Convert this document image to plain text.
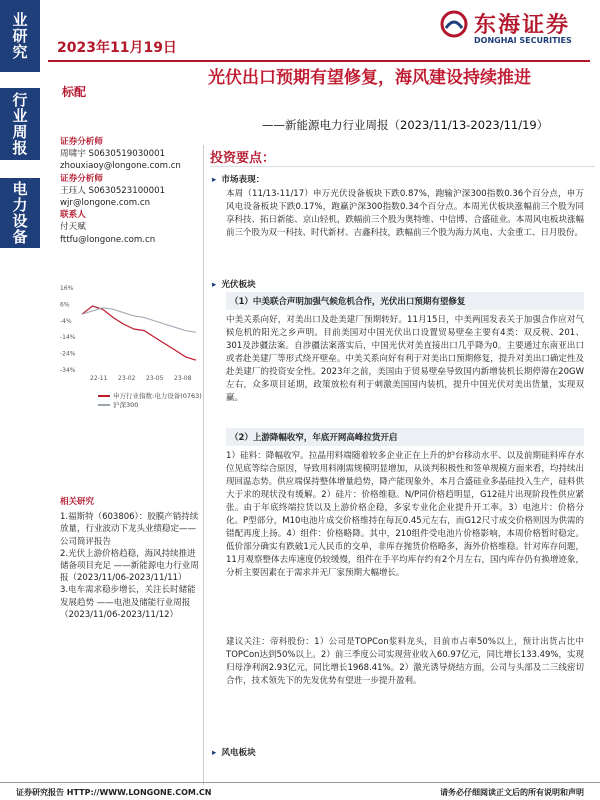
业研究
行业周报
电力设备
2023年11月19日
东海证券
DONGHAI SECURITIES
标配
光伏出口预期有望修复，海风建设持续推进
——新能源电力行业周报（2023/11/13-2023/11/19）
证券分析师
周啸宇 S0630519030001
zhouxiaoy@longone.com.cn
证券分析师
王珏人 S0630523100001
wjr@longone.com.cn
联系人
付天赋
fttfu@longone.com.cn
16%
6%
-4%
-14%
-24%
-34%
22-11 23-02 23-05 23-08
申万行业指数:电力设备(0763)
沪深300
相关研究
1.福斯特（603806）：胶膜产销持续放量，行业波动下龙头业绩稳定——公司简评报告
2.光伏上游价格趋稳，海风持续推进储备项目充足 ——新能源电力行业周报（2023/11/06-2023/11/11）
3.电车需求稳步增长，关注长时储能发展趋势 ——电池及储能行业周报（2023/11/06-2023/11/12）
投资要点：
▸ 市场表现：
本周（11/13-11/17）申万光伏设备板块下跌0.87%，跑输沪深300指数0.36个百分点，申万风电设备板块下跌0.17%，跑赢沪深300指数0.34个百分点。本周光伏板块涨幅前三个股为同享科技、拓日新能、京山轻机，跌幅前三个股为奥特维、中信博、合盛硅业。本周风电板块涨幅前三个股为双一科技、时代新材、吉鑫科技，跌幅前三个股为海力风电、大金重工、日月股份。
▸ 光伏板块
（1）中美联合声明加强气候危机合作，光伏出口预期有望修复
中美关系向好，对美出口及赴美建厂预期转好。11月15日，中美两国发表关于加强合作应对气候危机的阳光之乡声明。目前美国对中国光伏出口设置贸易壁垒主要有4类：双反税、201、301及涉疆法案。自涉疆法案落实后，中国光伏对美直接出口几乎降为0。主要通过东南亚出口或者赴美建厂等形式绕开壁垒。中美关系向好有利于对美出口预期修复，提升对美出口确定性及赴美建厂的投资安全性。2023年之前，美国由于贸易壁垒导致国内新增装机长期停滞在20GW左右，众多项目延期，政策放松有利于刺激美国国内装机，提升中国光伏对美出货量，实现双赢。
（2）上游降幅收窄，年底开网高峰拉货开启
1）硅料：降幅收窄。拉晶用料端随着较多企业正在上升的炉台移动水平、以及前期硅料库存水位见底等综合原因，导致用料刚需规模明显增加，从谈判积极性和签单规模方面来看，均持续出现回温态势。供应端保持整体增量趋势，降产能现象外，本月合盛硅业多晶硅投入生产，硅料供大于求的现状没有缓解。2）硅片：价格维稳。N/P同价格趋明显，G12硅片出现阶段性供应紧张。由于年底终端拉货以及上游价格企稳，多家专业化企业提升开工率。3）电池片：价格分化。P型部分，M10电池片成交价格维持在每瓦0.45元左右，而G12尺寸成交价格则因为供需的错配再度上扬。4）组件：价格略降。其中，210组件受电池片价格影响，本周价格暂时稳定。低价部分确实有跌破1元人民币的交单，非库存抛货价格略多，海外价格维稳。针对库存问题，11月观察整体去库速度仍较缓慢，组件在手平均库存约有2个月左右，国内库存仍有换增迹象，分析主要因素在于需求并无厂家预期大幅增长。
建议关注：帝科股份：1）公司是TOPCon浆料龙头，目前市占率50%以上，预计出货占比中TOPCon达到50%以上。2）前三季度公司实现营业收入60.97亿元，同比增长133.49%，实现归母净利润2.93亿元，同比增长1968.41%。2）激光诱导烧结方面，公司与头部及二三线密切合作，技术领先下的先发优势有望进一步提升盈利。
▸ 风电板块
证券研究报告 HTTP://WWW.LONGONE.COM.CN	请务必仔细阅读正文后的所有说明和声明
